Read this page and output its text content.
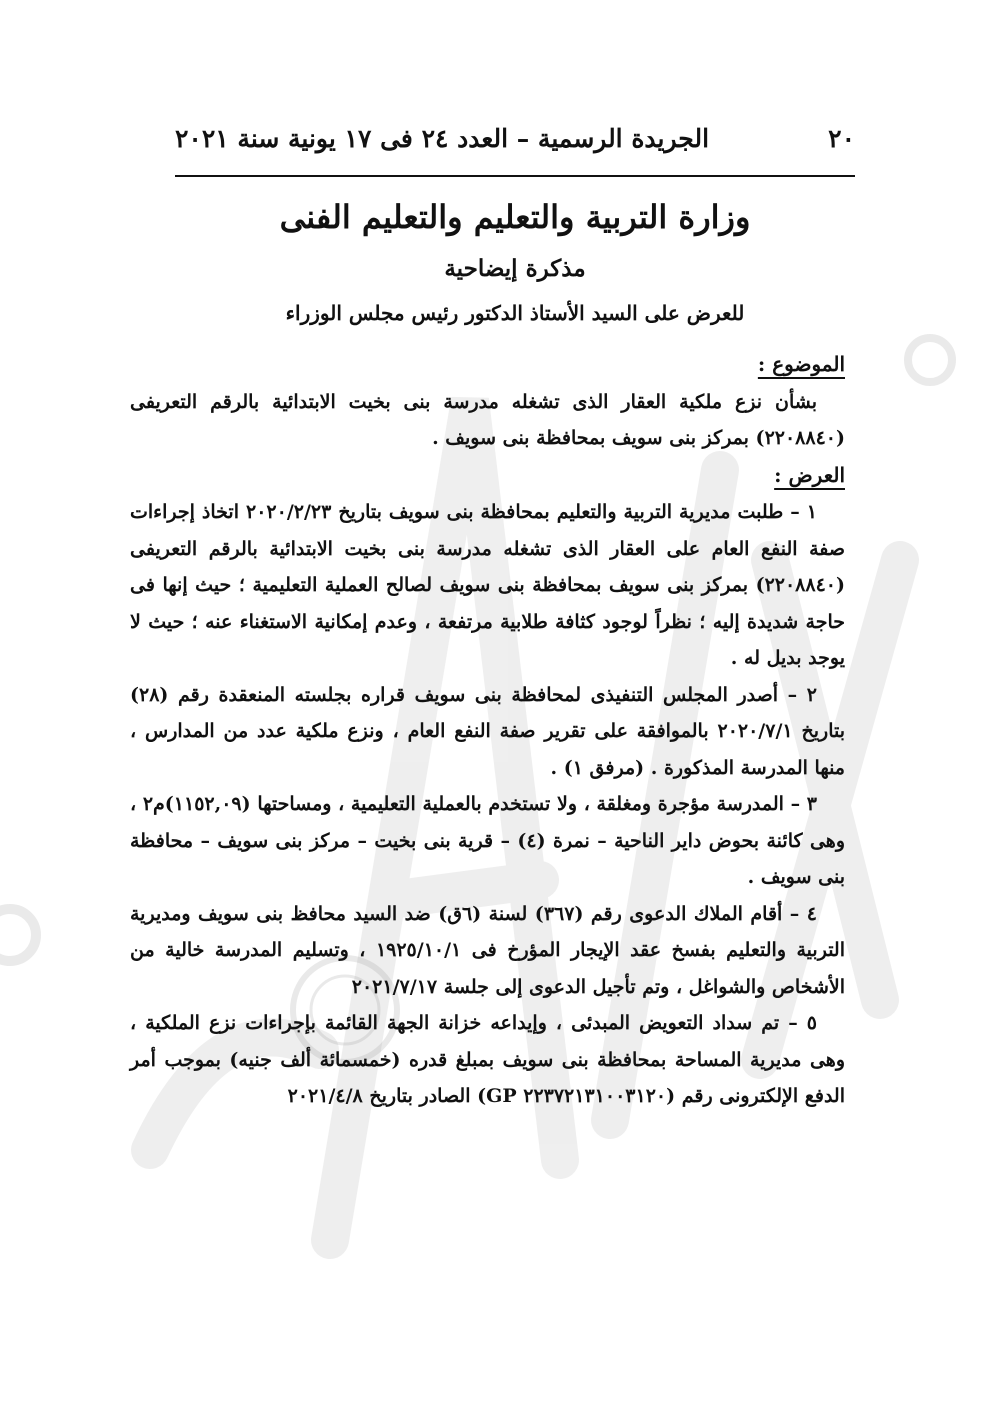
٢٠
الجريدة الرسمية – العدد ٢٤ فى ١٧ يونية سنة ٢٠٢١
وزارة التربية والتعليم والتعليم الفنى
مذكرة إيضاحية
للعرض على السيد الأستاذ الدكتور رئيس مجلس الوزراء

الموضوع :

بشأن نزع ملكية العقار الذى تشغله مدرسة بنى بخيت الابتدائية بالرقم التعريفى (٢٢٠٨٨٤٠) بمركز بنى سويف بمحافظة بنى سويف .

العرض :

١ – طلبت مديرية التربية والتعليم بمحافظة بنى سويف بتاريخ ٢٠٢٠/٢/٢٣ اتخاذ إجراءات صفة النفع العام على العقار الذى تشغله مدرسة بنى بخيت الابتدائية بالرقم التعريفى (٢٢٠٨٨٤٠) بمركز بنى سويف بمحافظة بنى سويف لصالح العملية التعليمية ؛ حيث إنها فى حاجة شديدة إليه ؛ نظراً لوجود كثافة طلابية مرتفعة ، وعدم إمكانية الاستغناء عنه ؛ حيث لا يوجد بديل له .

٢ – أصدر المجلس التنفيذى لمحافظة بنى سويف قراره بجلسته المنعقدة رقم (٢٨) بتاريخ ٢٠٢٠/٧/١ بالموافقة على تقرير صفة النفع العام ، ونزع ملكية عدد من المدارس ، منها المدرسة المذكورة . (مرفق ١) .

٣ – المدرسة مؤجرة ومغلقة ، ولا تستخدم بالعملية التعليمية ، ومساحتها (١١٥٢,٠٩)م٢ ، وهى كائنة بحوض داير الناحية – نمرة (٤) – قرية بنى بخيت – مركز بنى سويف – محافظة بنى سويف .

٤ – أقام الملاك الدعوى رقم (٣٦٧) لسنة (٦ق) ضد السيد محافظ بنى سويف ومديرية التربية والتعليم بفسخ عقد الإيجار المؤرخ فى ١٩٢٥/١٠/١ ، وتسليم المدرسة خالية من الأشخاص والشواغل ، وتم تأجيل الدعوى إلى جلسة ٢٠٢١/٧/١٧

٥ – تم سداد التعويض المبدئى ، وإيداعه خزانة الجهة القائمة بإجراءات نزع الملكية ، وهى مديرية المساحة بمحافظة بنى سويف بمبلغ قدره (خمسمائة ألف جنيه) بموجب أمر الدفع الإلكترونى رقم (٢٢٣٧٢١٣١٠٠٣١٢٠ GP) الصادر بتاريخ ٢٠٢١/٤/٨
